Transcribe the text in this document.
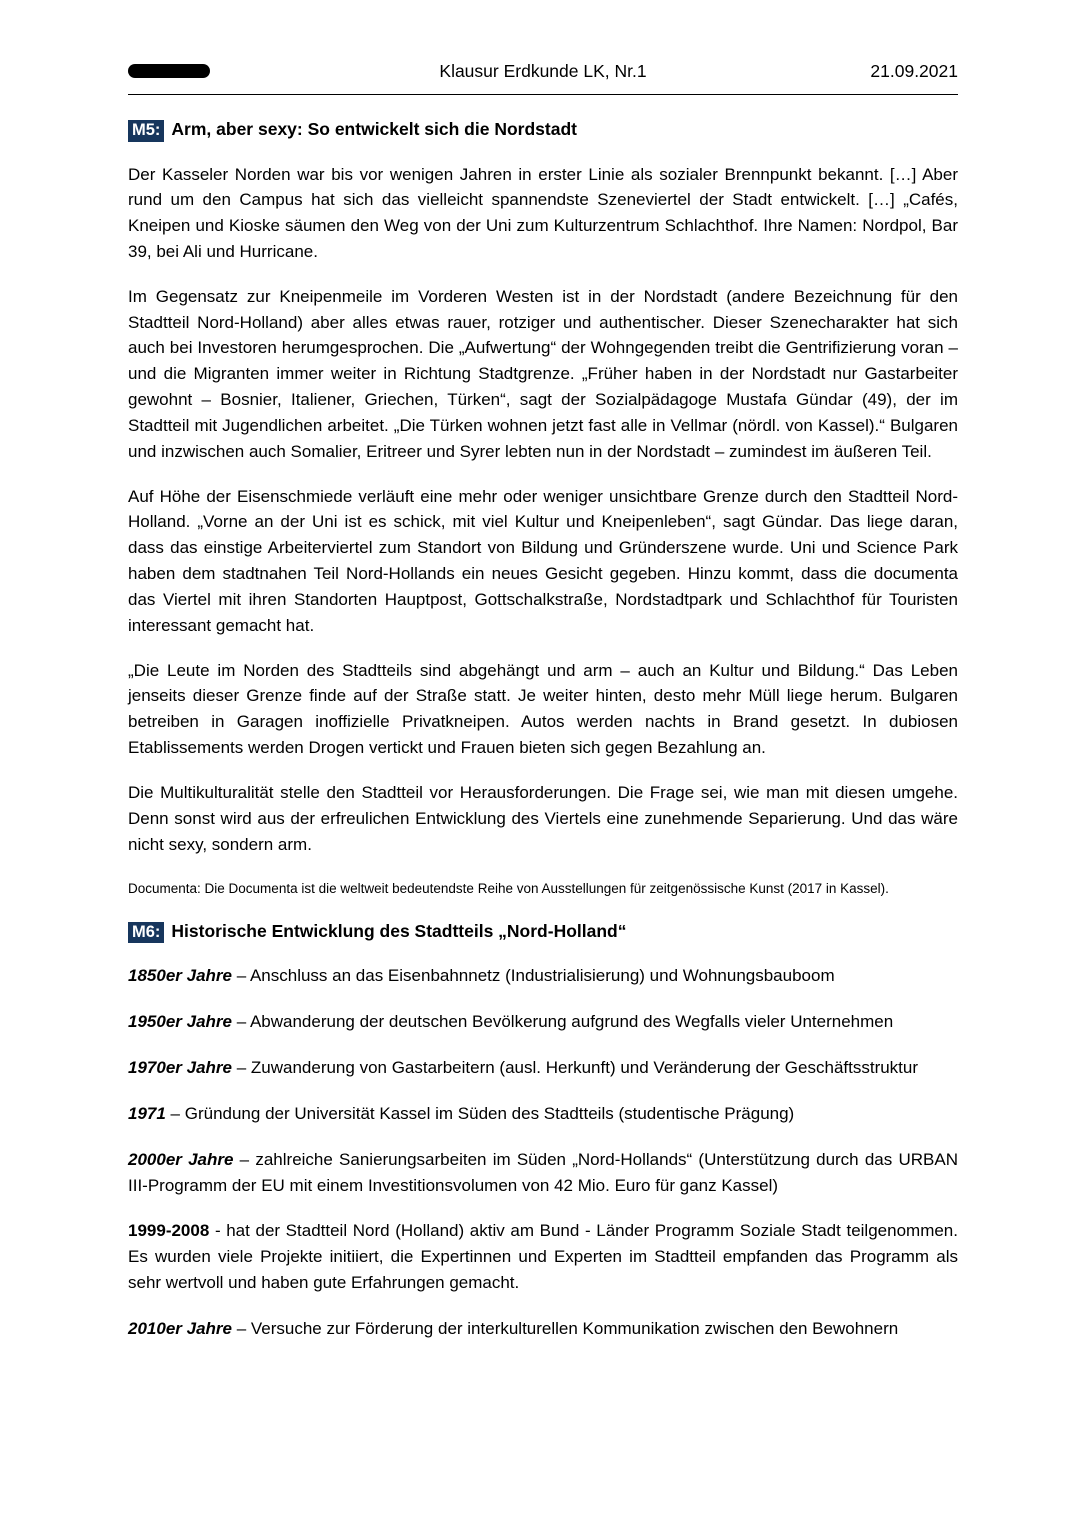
Klausur Erdkunde LK, Nr.1	21.09.2021
M5: Arm, aber sexy: So entwickelt sich die Nordstadt

Der Kasseler Norden war bis vor wenigen Jahren in erster Linie als sozialer Brennpunkt bekannt. […] Aber rund um den Campus hat sich das vielleicht spannendste Szeneviertel der Stadt entwickelt. […] „Cafés, Kneipen und Kioske säumen den Weg von der Uni zum Kulturzentrum Schlachthof. Ihre Namen: Nordpol, Bar 39, bei Ali und Hurricane.

Im Gegensatz zur Kneipenmeile im Vorderen Westen ist in der Nordstadt (andere Bezeichnung für den Stadtteil Nord-Holland) aber alles etwas rauer, rotziger und authentischer. Dieser Szenecharakter hat sich auch bei Investoren herumgesprochen. Die „Aufwertung“ der Wohngegenden treibt die Gentrifizierung voran – und die Migranten immer weiter in Richtung Stadtgrenze. „Früher haben in der Nordstadt nur Gastarbeiter gewohnt – Bosnier, Italiener, Griechen, Türken“, sagt der Sozialpädagoge Mustafa Gündar (49), der im Stadtteil mit Jugendlichen arbeitet. „Die Türken wohnen jetzt fast alle in Vellmar (nördl. von Kassel).“ Bulgaren und inzwischen auch Somalier, Eritreer und Syrer lebten nun in der Nordstadt – zumindest im äußeren Teil.

Auf Höhe der Eisenschmiede verläuft eine mehr oder weniger unsichtbare Grenze durch den Stadtteil Nord-Holland. „Vorne an der Uni ist es schick, mit viel Kultur und Kneipenleben“, sagt Gündar. Das liege daran, dass das einstige Arbeiterviertel zum Standort von Bildung und Gründerszene wurde. Uni und Science Park haben dem stadtnahen Teil Nord-Hollands ein neues Gesicht gegeben. Hinzu kommt, dass die documenta das Viertel mit ihren Standorten Hauptpost, Gottschalkstraße, Nordstadtpark und Schlachthof für Touristen interessant gemacht hat.

„Die Leute im Norden des Stadtteils sind abgehängt und arm – auch an Kultur und Bildung.“ Das Leben jenseits dieser Grenze finde auf der Straße statt. Je weiter hinten, desto mehr Müll liege herum. Bulgaren betreiben in Garagen inoffizielle Privatkneipen. Autos werden nachts in Brand gesetzt. In dubiosen Etablissements werden Drogen vertickt und Frauen bieten sich gegen Bezahlung an.

Die Multikulturalität stelle den Stadtteil vor Herausforderungen. Die Frage sei, wie man mit diesen umgehe. Denn sonst wird aus der erfreulichen Entwicklung des Viertels eine zunehmende Separierung. Und das wäre nicht sexy, sondern arm.

Documenta: Die Documenta ist die weltweit bedeutendste Reihe von Ausstellungen für zeitgenössische Kunst (2017 in Kassel).

M6: Historische Entwicklung des Stadtteils „Nord-Holland“
1850er Jahre – Anschluss an das Eisenbahnnetz (Industrialisierung) und Wohnungsbauboom
1950er Jahre – Abwanderung der deutschen Bevölkerung aufgrund des Wegfalls vieler Unternehmen
1970er Jahre – Zuwanderung von Gastarbeitern (ausl. Herkunft) und Veränderung der Geschäftsstruktur
1971 – Gründung der Universität Kassel im Süden des Stadtteils (studentische Prägung)
2000er Jahre – zahlreiche Sanierungsarbeiten im Süden „Nord-Hollands“ (Unterstützung durch das URBAN III-Programm der EU mit einem Investitionsvolumen von 42 Mio. Euro für ganz Kassel)
1999-2008 - hat der Stadtteil Nord (Holland) aktiv am Bund - Länder Programm Soziale Stadt teilgenommen. Es wurden viele Projekte initiiert, die Expertinnen und Experten im Stadtteil empfanden das Programm als sehr wertvoll und haben gute Erfahrungen gemacht.
2010er Jahre – Versuche zur Förderung der interkulturellen Kommunikation zwischen den Bewohnern
